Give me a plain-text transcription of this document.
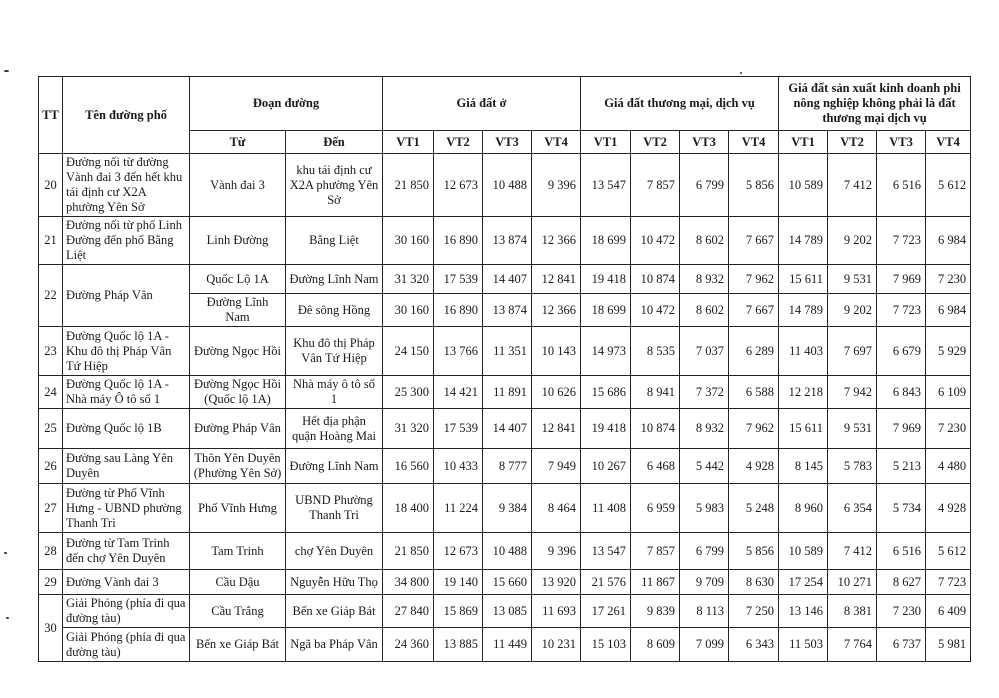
TT	Tên đường phố	Đoạn đường		Giá đất ở				Giá đất thương mại, dịch vụ				Giá đất sản xuất kinh doanh phi nông nghiệp không phải là đất thương mại dịch vụ			
		Từ	Đến	VT1	VT2	VT3	VT4	VT1	VT2	VT3	VT4	VT1	VT2	VT3	VT4
20	Đường nối từ đường Vành đai 3 đến hết khu tái định cư X2A phường Yên Sở	Vành đai 3	khu tái định cư X2A phường Yên Sở	21 850	12 673	10 488	9 396	13 547	7 857	6 799	5 856	10 589	7 412	6 516	5 612
21	Đường nối từ phố Linh Đường đến phố Bằng Liệt	Linh Đường	Bằng Liệt	30 160	16 890	13 874	12 366	18 699	10 472	8 602	7 667	14 789	9 202	7 723	6 984
22	Đường Pháp Vân	Quốc Lộ 1A	Đường Lĩnh Nam	31 320	17 539	14 407	12 841	19 418	10 874	8 932	7 962	15 611	9 531	7 969	7 230
		Đường Lĩnh Nam	Đê sông Hồng	30 160	16 890	13 874	12 366	18 699	10 472	8 602	7 667	14 789	9 202	7 723	6 984
23	Đường Quốc lộ 1A - Khu đô thị Pháp Vân Tứ Hiệp	Đường Ngọc Hồi	Khu đô thị Pháp Vân Tứ Hiệp	24 150	13 766	11 351	10 143	14 973	8 535	7 037	6 289	11 403	7 697	6 679	5 929
24	Đường Quốc lộ 1A - Nhà máy Ô tô số 1	Đường Ngọc Hồi (Quốc lộ 1A)	Nhà máy ô tô số 1	25 300	14 421	11 891	10 626	15 686	8 941	7 372	6 588	12 218	7 942	6 843	6 109
25	Đường Quốc lộ 1B	Đường Pháp Vân	Hết địa phận quận Hoàng Mai	31 320	17 539	14 407	12 841	19 418	10 874	8 932	7 962	15 611	9 531	7 969	7 230
26	Đường sau Làng Yên Duyên	Thôn Yên Duyên (Phường Yên Sở)	Đường Lĩnh Nam	16 560	10 433	8 777	7 949	10 267	6 468	5 442	4 928	8 145	5 783	5 213	4 480
27	Đường từ Phố Vĩnh Hưng - UBND phường Thanh Trì	Phố Vĩnh Hưng	UBND Phường Thanh Trì	18 400	11 224	9 384	8 464	11 408	6 959	5 983	5 248	8 960	6 354	5 734	4 928
28	Đường từ Tam Trinh đến chợ Yên Duyên	Tam Trinh	chợ Yên Duyên	21 850	12 673	10 488	9 396	13 547	7 857	6 799	5 856	10 589	7 412	6 516	5 612
29	Đường Vành đai 3	Cầu Dậu	Nguyễn Hữu Thọ	34 800	19 140	15 660	13 920	21 576	11 867	9 709	8 630	17 254	10 271	8 627	7 723
30	Giải Phóng (phía đi qua đường tàu)	Cầu Trắng	Bến xe Giáp Bát	27 840	15 869	13 085	11 693	17 261	9 839	8 113	7 250	13 146	8 381	7 230	6 409
	Giải Phóng (phía đi qua đường tàu)	Bến xe Giáp Bát	Ngã ba Pháp Vân	24 360	13 885	11 449	10 231	15 103	8 609	7 099	6 343	11 503	7 764	6 737	5 981
